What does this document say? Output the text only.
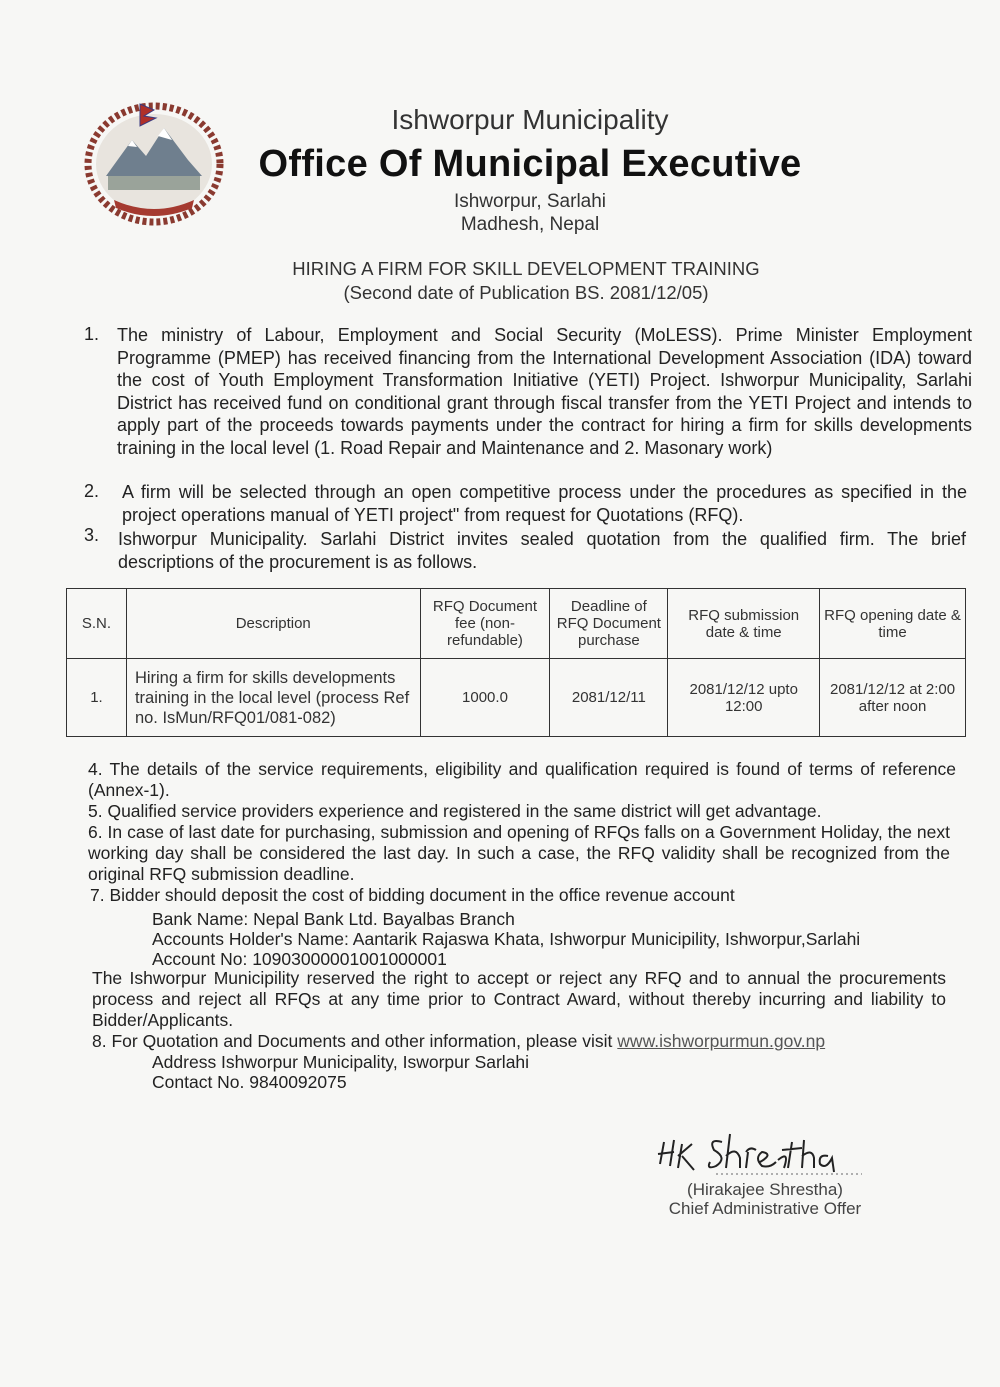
Ishworpur Municipality
Office Of Municipal Executive
Ishworpur, Sarlahi
Madhesh, Nepal
HIRING A FIRM FOR SKILL DEVELOPMENT TRAINING
(Second date of Publication BS. 2081/12/05)
1. The ministry of Labour, Employment and Social Security (MoLESS). Prime Minister Employment Programme (PMEP) has received financing from the International Development Association (IDA) toward the cost of Youth Employment Transformation Initiative (YETI) Project. Ishworpur Municipality, Sarlahi District has received fund on conditional grant through fiscal transfer from the YETI Project and intends to apply part of the proceeds towards payments under the contract for hiring a firm for skills developments training in the local level (1. Road Repair and Maintenance and 2. Masonary work)
2. A firm will be selected through an open competitive process under the procedures as specified in the project operations manual of YETI project" from request for Quotations (RFQ).
3. Ishworpur Municipality. Sarlahi District invites sealed quotation from the qualified firm. The brief descriptions of the procurement is as follows.
S.N.	Description	RFQ Document fee (non-refundable)	Deadline of RFQ Document purchase	RFQ submission date & time	RFQ opening date & time
1.	Hiring a firm for skills developments training in the local level (process Ref no. IsMun/RFQ01/081-082)	1000.0	2081/12/11	2081/12/12 upto 12:00	2081/12/12 at 2:00 after noon
4. The details of the service requirements, eligibility and qualification required is found of terms of reference (Annex-1).
5. Qualified service providers experience and registered in the same district will get advantage.
6. In case of last date for purchasing, submission and opening of RFQs falls on a Government Holiday, the next working day shall be considered the last day. In such a case, the RFQ validity shall be recognized from the original RFQ submission deadline.
7. Bidder should deposit the cost of bidding document in the office revenue account
Bank Name: Nepal Bank Ltd. Bayalbas Branch
Accounts Holder's Name: Aantarik Rajaswa Khata, Ishworpur Municipility, Ishworpur,Sarlahi
Account No: 10903000001001000001
The Ishworpur Municipility reserved the right to accept or reject any RFQ and to annual the procurements process and reject all RFQs at any time prior to Contract Award, without thereby incurring and liability to Bidder/Applicants.
8. For Quotation and Documents and other information, please visit www.ishworpurmun.gov.np
Address Ishworpur Municipality, Isworpur Sarlahi
Contact No. 9840092075
(Hirakajee Shrestha)
Chief Administrative Offer
